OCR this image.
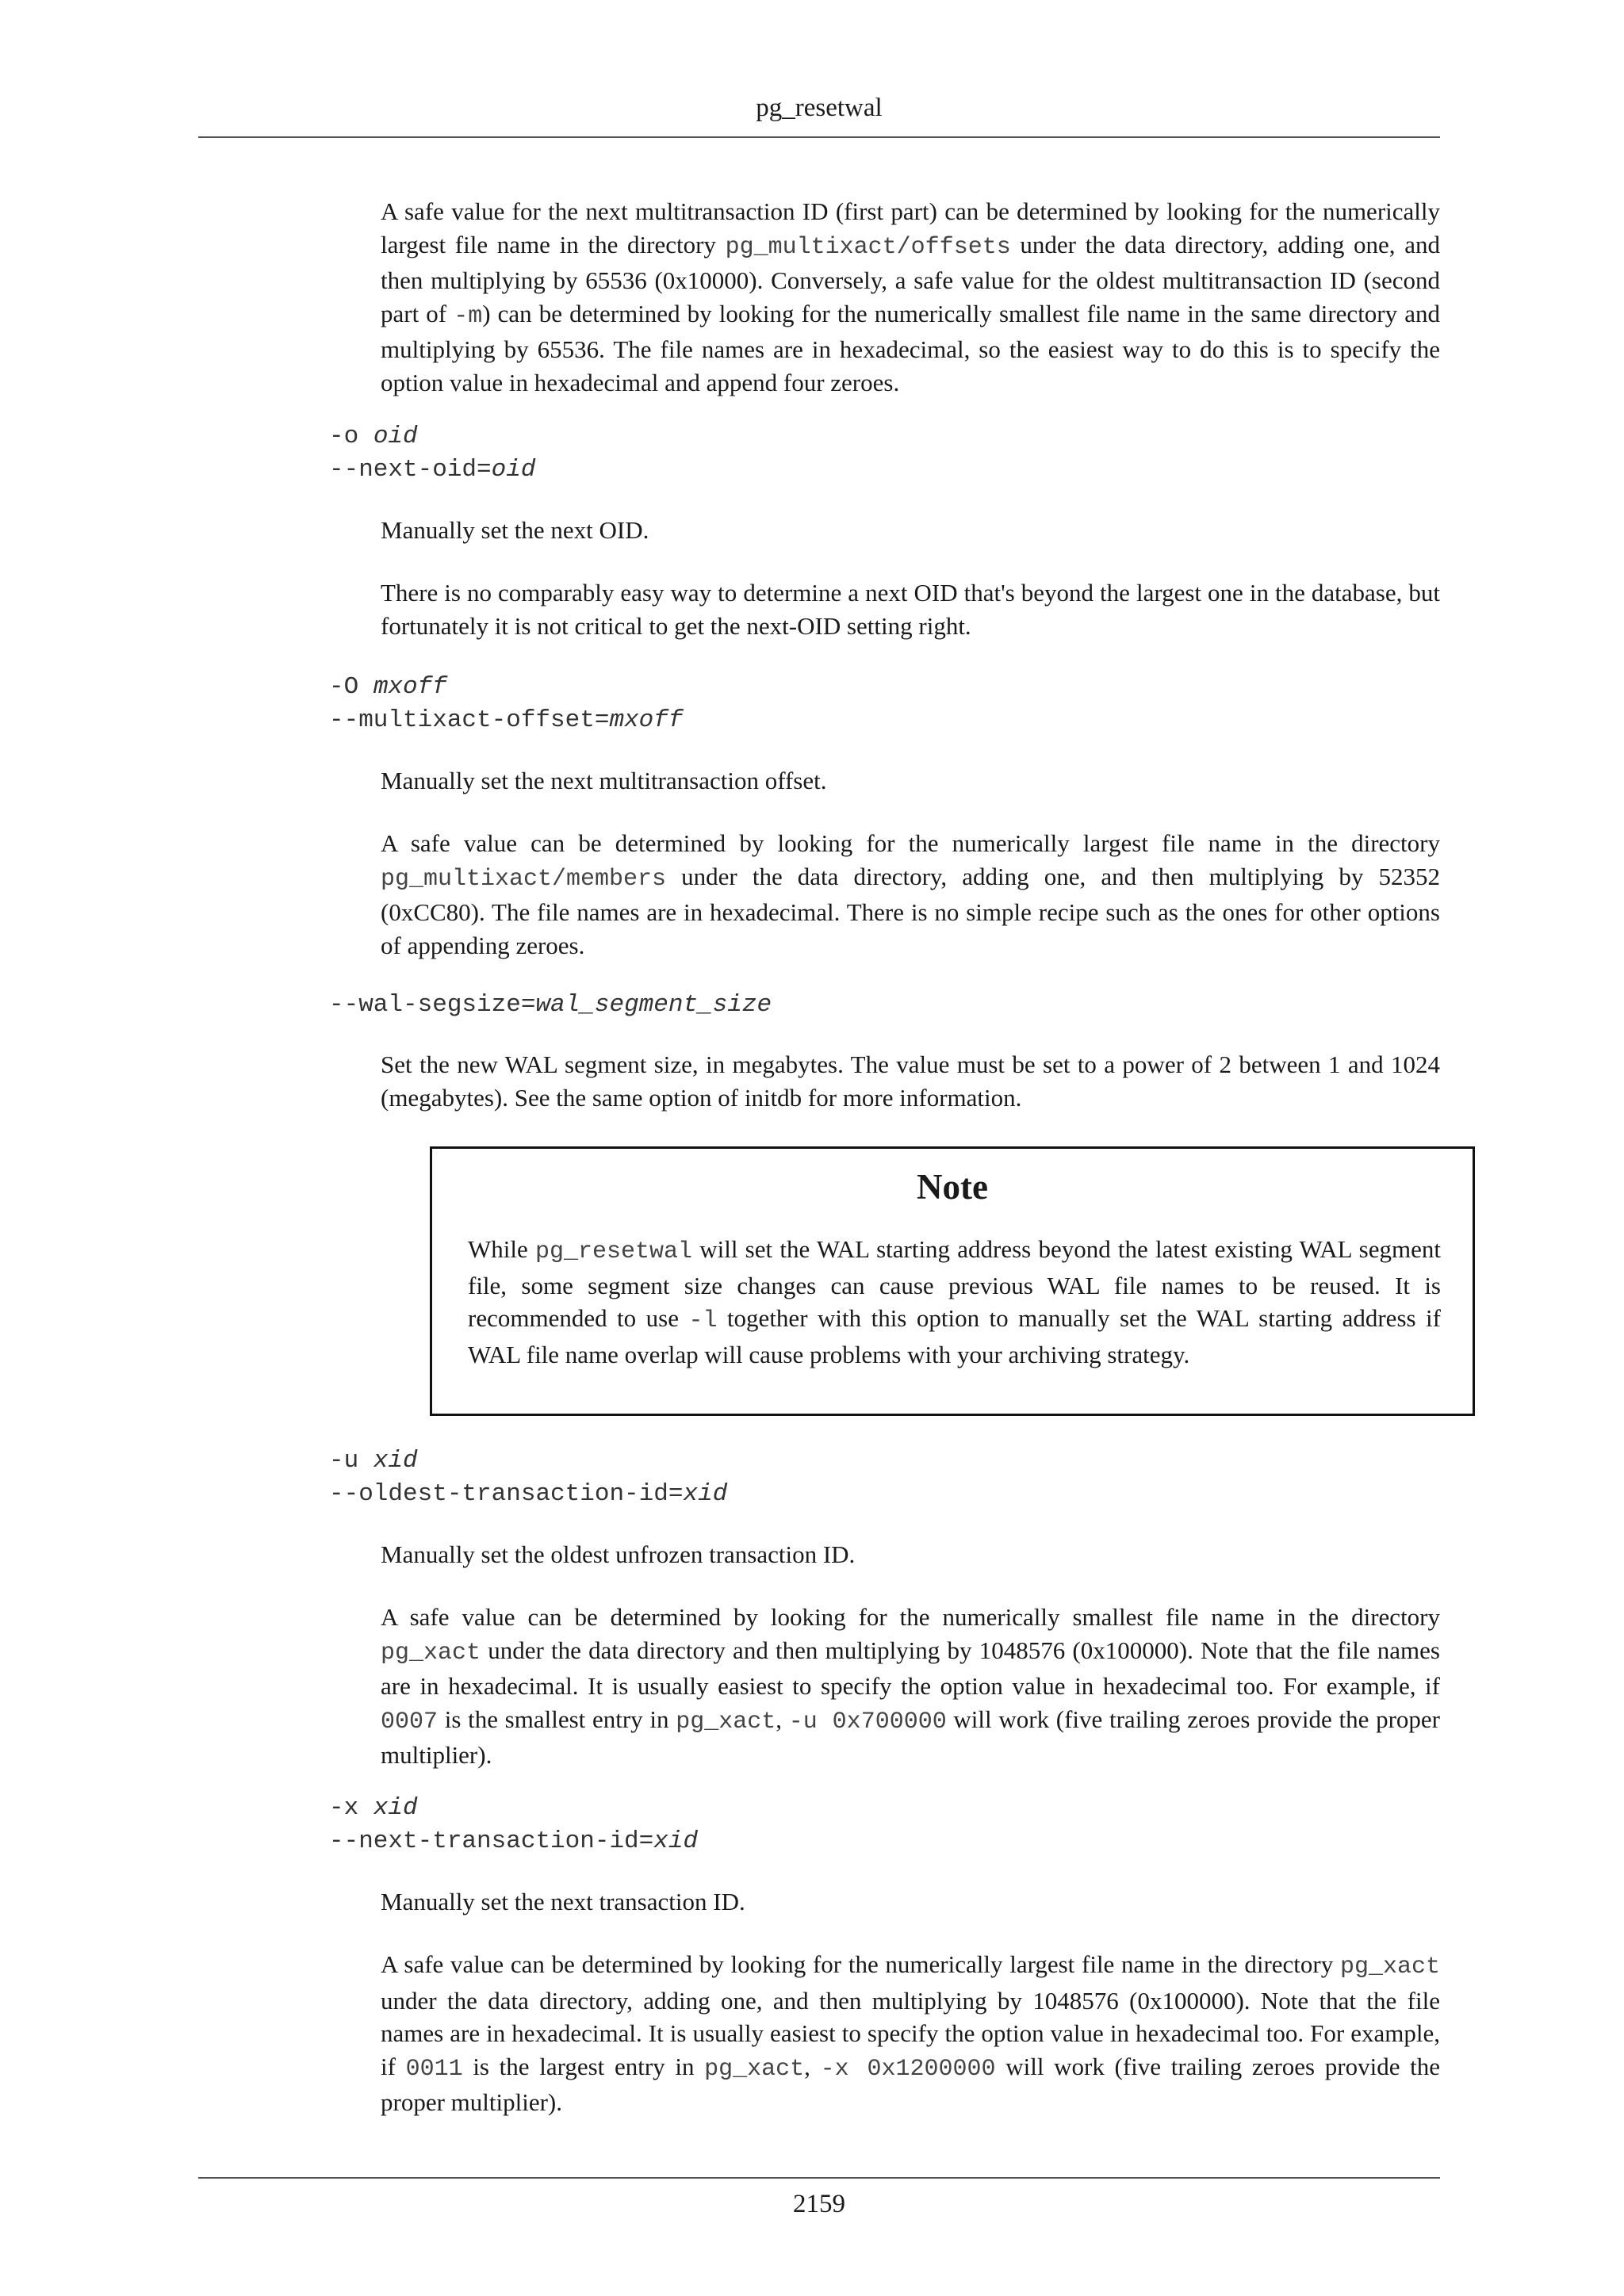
pg_resetwal

A safe value for the next multitransaction ID (first part) can be determined by looking for the numerically largest file name in the directory pg_multixact/offsets under the data directory, adding one, and then multiplying by 65536 (0x10000). Conversely, a safe value for the oldest multitransaction ID (second part of -m) can be determined by looking for the numerically smallest file name in the same directory and multiplying by 65536. The file names are in hexadecimal, so the easiest way to do this is to specify the option value in hexadecimal and append four zeroes.

-o oid
--next-oid=oid

Manually set the next OID.

There is no comparably easy way to determine a next OID that's beyond the largest one in the database, but fortunately it is not critical to get the next-OID setting right.

-O mxoff
--multixact-offset=mxoff

Manually set the next multitransaction offset.

A safe value can be determined by looking for the numerically largest file name in the directory pg_multixact/members under the data directory, adding one, and then multiplying by 52352 (0xCC80). The file names are in hexadecimal. There is no simple recipe such as the ones for other options of appending zeroes.

--wal-segsize=wal_segment_size

Set the new WAL segment size, in megabytes. The value must be set to a power of 2 between 1 and 1024 (megabytes). See the same option of initdb for more information.

Note

While pg_resetwal will set the WAL starting address beyond the latest existing WAL segment file, some segment size changes can cause previous WAL file names to be reused. It is recommended to use -l together with this option to manually set the WAL starting address if WAL file name overlap will cause problems with your archiving strategy.

-u xid
--oldest-transaction-id=xid

Manually set the oldest unfrozen transaction ID.

A safe value can be determined by looking for the numerically smallest file name in the directory pg_xact under the data directory and then multiplying by 1048576 (0x100000). Note that the file names are in hexadecimal. It is usually easiest to specify the option value in hexadecimal too. For example, if 0007 is the smallest entry in pg_xact, -u 0x700000 will work (five trailing zeroes provide the proper multiplier).

-x xid
--next-transaction-id=xid

Manually set the next transaction ID.

A safe value can be determined by looking for the numerically largest file name in the directory pg_xact under the data directory, adding one, and then multiplying by 1048576 (0x100000). Note that the file names are in hexadecimal. It is usually easiest to specify the option value in hexadecimal too. For example, if 0011 is the largest entry in pg_xact, -x 0x1200000 will work (five trailing zeroes provide the proper multiplier).

2159
